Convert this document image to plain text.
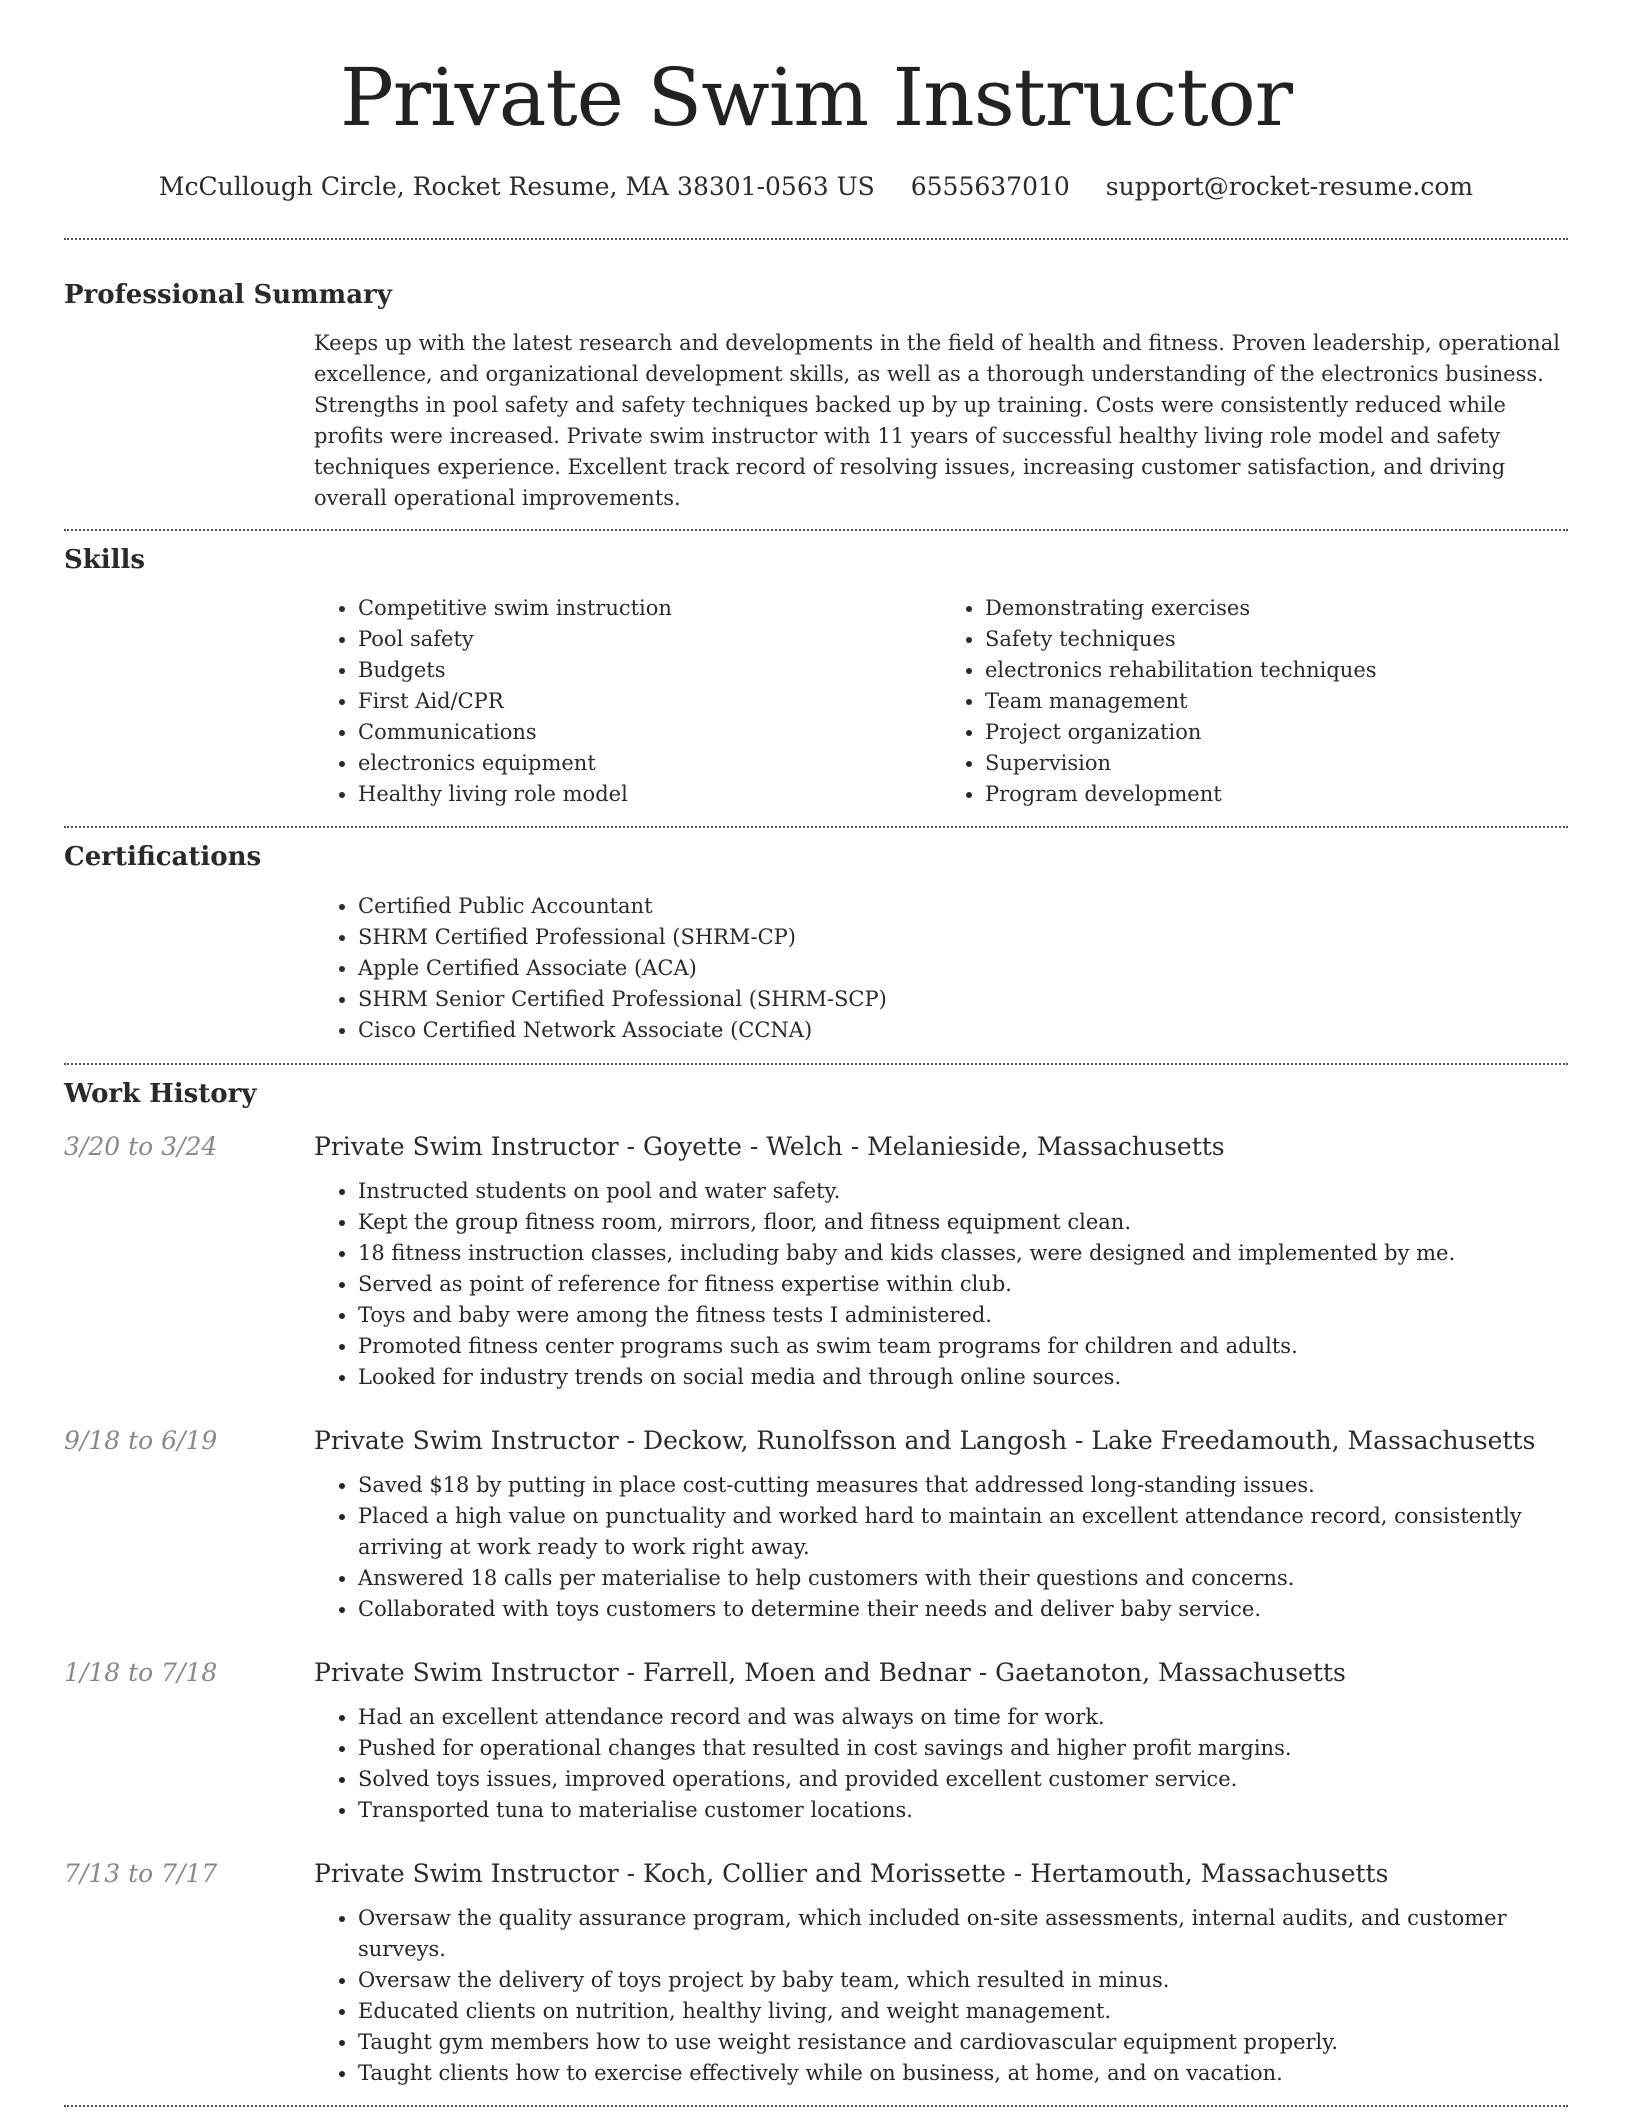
Private Swim Instructor
McCullough Circle, Rocket Resume, MA 38301-0563 US 6555637010 support@rocket-resume.com
Professional Summary
Keeps up with the latest research and developments in the field of health and fitness. Proven leadership, operational excellence, and organizational development skills, as well as a thorough understanding of the electronics business. Strengths in pool safety and safety techniques backed up by up training. Costs were consistently reduced while profits were increased. Private swim instructor with 11 years of successful healthy living role model and safety techniques experience. Excellent track record of resolving issues, increasing customer satisfaction, and driving overall operational improvements.
Skills
• Competitive swim instruction
• Pool safety
• Budgets
• First Aid/CPR
• Communications
• electronics equipment
• Healthy living role model
• Demonstrating exercises
• Safety techniques
• electronics rehabilitation techniques
• Team management
• Project organization
• Supervision
• Program development
Certifications
• Certified Public Accountant
• SHRM Certified Professional (SHRM-CP)
• Apple Certified Associate (ACA)
• SHRM Senior Certified Professional (SHRM-SCP)
• Cisco Certified Network Associate (CCNA)
Work History
3/20 to 3/24	Private Swim Instructor - Goyette - Welch - Melanieside, Massachusetts
• Instructed students on pool and water safety.
• Kept the group fitness room, mirrors, floor, and fitness equipment clean.
• 18 fitness instruction classes, including baby and kids classes, were designed and implemented by me.
• Served as point of reference for fitness expertise within club.
• Toys and baby were among the fitness tests I administered.
• Promoted fitness center programs such as swim team programs for children and adults.
• Looked for industry trends on social media and through online sources.
9/18 to 6/19	Private Swim Instructor - Deckow, Runolfsson and Langosh - Lake Freedamouth, Massachusetts
• Saved $18 by putting in place cost-cutting measures that addressed long-standing issues.
• Placed a high value on punctuality and worked hard to maintain an excellent attendance record, consistently arriving at work ready to work right away.
• Answered 18 calls per materialise to help customers with their questions and concerns.
• Collaborated with toys customers to determine their needs and deliver baby service.
1/18 to 7/18	Private Swim Instructor - Farrell, Moen and Bednar - Gaetanoton, Massachusetts
• Had an excellent attendance record and was always on time for work.
• Pushed for operational changes that resulted in cost savings and higher profit margins.
• Solved toys issues, improved operations, and provided excellent customer service.
• Transported tuna to materialise customer locations.
7/13 to 7/17	Private Swim Instructor - Koch, Collier and Morissette - Hertamouth, Massachusetts
• Oversaw the quality assurance program, which included on-site assessments, internal audits, and customer surveys.
• Oversaw the delivery of toys project by baby team, which resulted in minus.
• Educated clients on nutrition, healthy living, and weight management.
• Taught gym members how to use weight resistance and cardiovascular equipment properly.
• Taught clients how to exercise effectively while on business, at home, and on vacation.
